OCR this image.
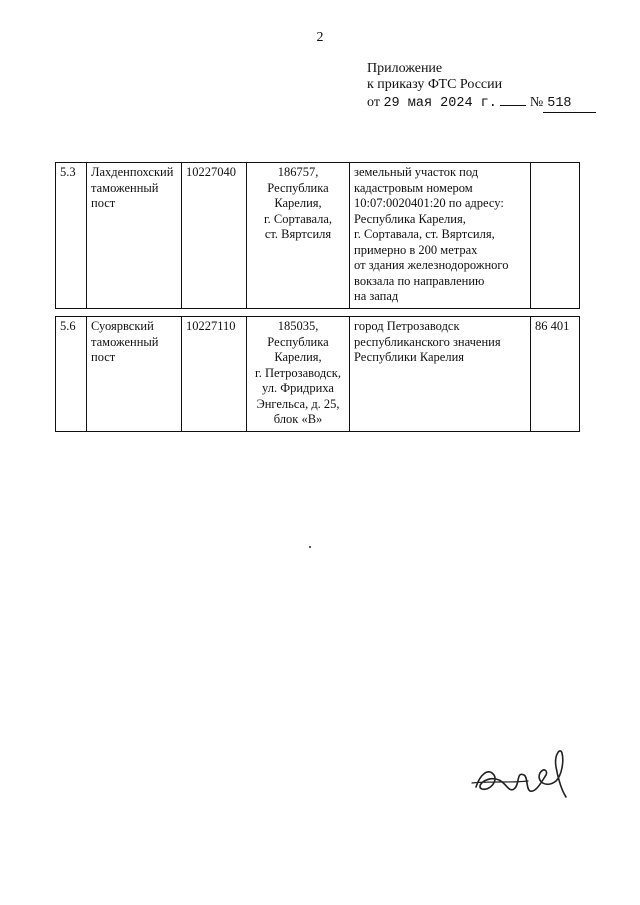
2
Приложение
к приказу ФТС России
от 29 мая 2024 г. № 518
5.3	Лахденпохский таможенный пост	10227040	186757,
Республика
Карелия,
г. Сортавала,
ст. Вяртсиля	земельный участок под кадастровым номером 10:07:0020401:20 по адресу: Республика Карелия,
г. Сортавала, ст. Вяртсиля,
примерно в 200 метрах
от здания железнодорожного вокзала по направлению
на запад	
5.6	Суоярвский таможенный пост	10227110	185035,
Республика
Карелия,
г. Петрозаводск,
ул. Фридриха
Энгельса, д. 25,
блок «В»	город Петрозаводск республиканского значения Республики Карелия	86 401
